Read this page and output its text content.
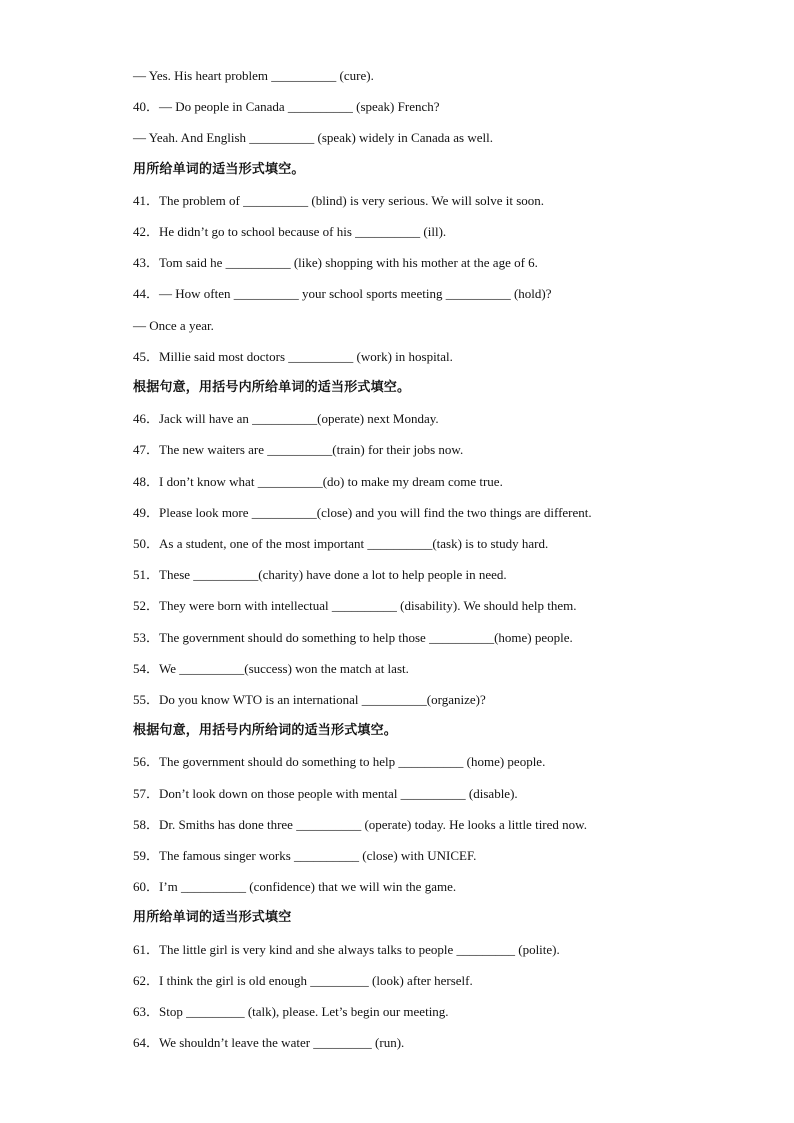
— Yes. His heart problem __________ (cure).
40．— Do people in Canada __________ (speak) French?
— Yeah. And English __________ (speak) widely in Canada as well.
用所给单词的适当形式填空。
41．The problem of __________ (blind) is very serious. We will solve it soon.
42．He didn’t go to school because of his __________ (ill).
43．Tom said he __________ (like) shopping with his mother at the age of 6.
44．— How often __________ your school sports meeting __________ (hold)?
— Once a year.
45．Millie said most doctors __________ (work) in hospital.
根据句意，用括号内所给单词的适当形式填空。
46．Jack will have an __________(operate) next Monday.
47．The new waiters are __________(train) for their jobs now.
48．I don’t know what __________(do) to make my dream come true.
49．Please look more __________(close) and you will find the two things are different.
50．As a student, one of the most important __________(task) is to study hard.
51．These __________(charity) have done a lot to help people in need.
52．They were born with intellectual __________ (disability). We should help them.
53．The government should do something to help those __________(home) people.
54．We __________(success) won the match at last.
55．Do you know WTO is an international __________(organize)?
根据句意，用括号内所给词的适当形式填空。
56．The government should do something to help __________ (home) people.
57．Don’t look down on those people with mental __________ (disable).
58．Dr. Smiths has done three __________ (operate) today. He looks a little tired now.
59．The famous singer works __________ (close) with UNICEF.
60．I’m __________ (confidence) that we will win the game.
用所给单词的适当形式填空
61．The little girl is very kind and she always talks to people _________ (polite).
62．I think the girl is old enough _________ (look) after herself.
63．Stop _________ (talk), please. Let’s begin our meeting.
64．We shouldn’t leave the water _________ (run).
